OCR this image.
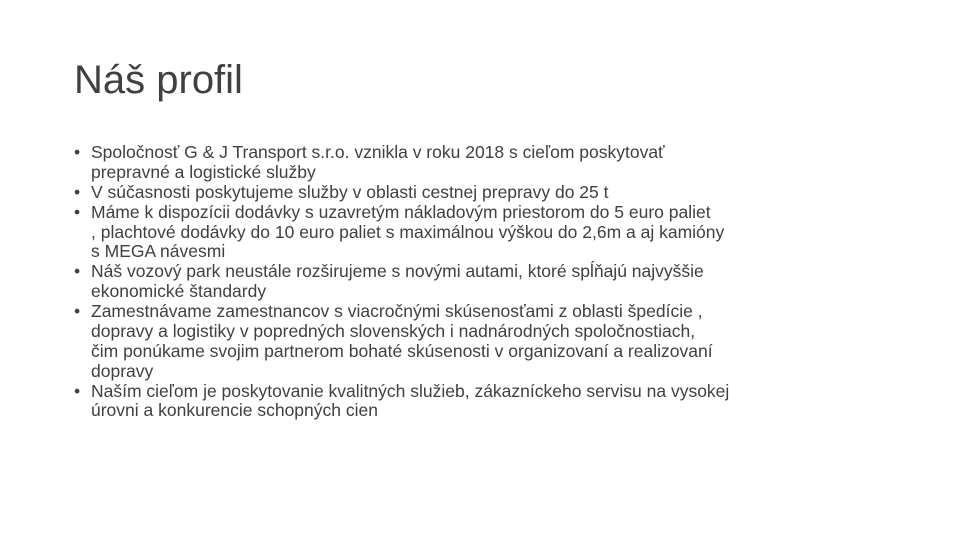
Náš profil
• Spoločnosť G & J Transport s.r.o. vznikla v roku 2018 s cieľom poskytovať
prepravné a logistické služby
• V súčasnosti poskytujeme služby v oblasti cestnej prepravy do 25 t
• Máme k dispozícii dodávky s uzavretým nákladovým priestorom do 5 euro paliet
, plachtové dodávky do 10 euro paliet s maximálnou výškou do 2,6m a aj kamióny
s MEGA návesmi
• Náš vozový park neustále rozširujeme s novými autami, ktoré spĺňajú najvyššie
ekonomické štandardy
• Zamestnávame zamestnancov s viacročnými skúsenosťami z oblasti špedície ,
dopravy a logistiky v popredných slovenských i nadnárodných spoločnostiach,
čim ponúkame svojim partnerom bohaté skúsenosti v organizovaní a realizovaní
dopravy
• Naším cieľom je poskytovanie kvalitných služieb, zákazníckeho servisu na vysokej
úrovni a konkurencie schopných cien
